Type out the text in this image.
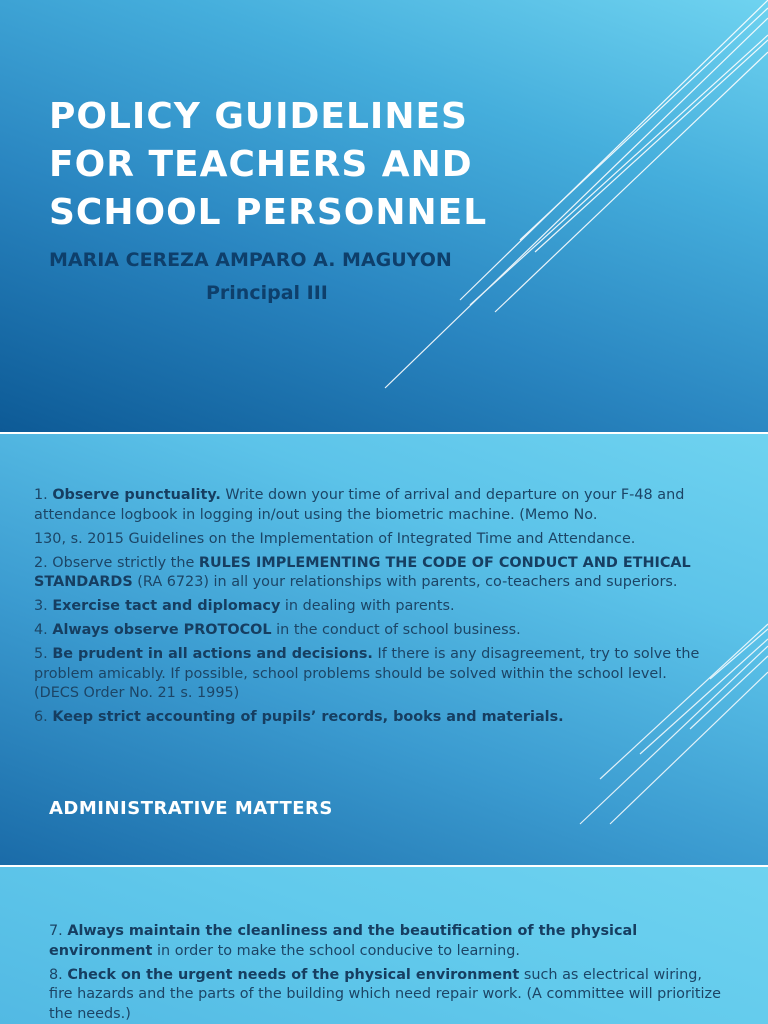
POLICY GUIDELINES
FOR TEACHERS AND
SCHOOL PERSONNEL

MARIA CEREZA AMPARO A. MAGUYON

Principal III

1. Observe punctuality. Write down your time of arrival and departure on your F-48 and attendance logbook in logging in/out using the biometric machine. (Memo No.

130, s. 2015 Guidelines on the Implementation of Integrated Time and Attendance.

2. Observe strictly the RULES IMPLEMENTING THE CODE OF CONDUCT AND ETHICAL STANDARDS (RA 6723) in all your relationships with parents, co-teachers and superiors.

3. Exercise tact and diplomacy in dealing with parents.

4. Always observe PROTOCOL in the conduct of school business.

5. Be prudent in all actions and decisions. If there is any disagreement, try to solve the problem amicably. If possible, school problems should be solved within the school level. (DECS Order No. 21 s. 1995)

6. Keep strict accounting of pupils’ records, books and materials.

ADMINISTRATIVE MATTERS

7. Always maintain the cleanliness and the beautification of the physical environment in order to make the school conducive to learning.

8. Check on the urgent needs of the physical environment such as electrical wiring, fire hazards and the parts of the building which need repair work. (A committee will prioritize the needs.)
